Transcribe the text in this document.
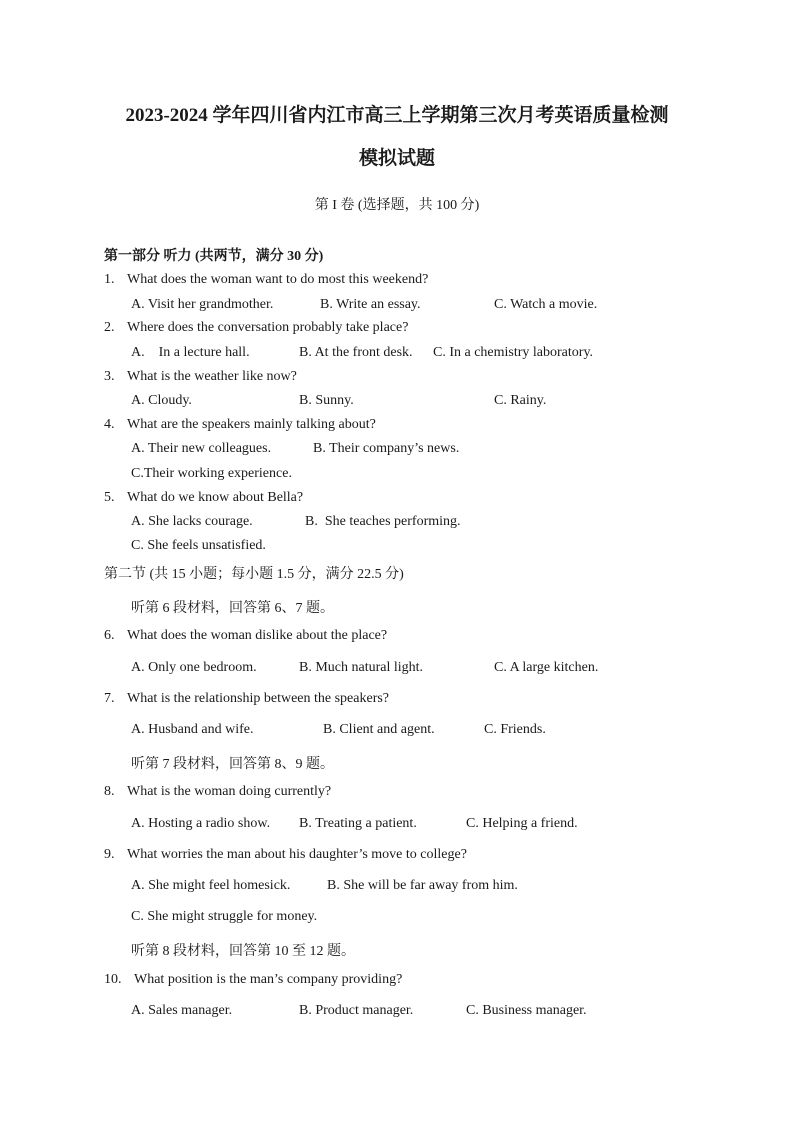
2023-2024 学年四川省内江市高三上学期第三次月考英语质量检测
模拟试题
第 I 卷 (选择题，共 100 分)
第一部分 听力 (共两节，满分 30 分)
1. What does the woman want to do most this weekend?
A. Visit her grandmother.	B. Write an essay.	C. Watch a movie.
2. Where does the conversation probably take place?
A.    In a lecture hall.	B. At the front desk. C. In a chemistry laboratory.
3. What is the weather like now?
A. Cloudy.	B. Sunny.	C. Rainy.
4. What are the speakers mainly talking about?
A. Their new colleagues.	B. Their company’s news.
C.Their working experience.
5. What do we know about Bella?
A. She lacks courage.	B.  She teaches performing.
C. She feels unsatisfied.
第二节 (共 15 小题；每小题 1.5 分，满分 22.5 分)
听第 6 段材料，回答第 6、7 题。
6. What does the woman dislike about the place?
A. Only one bedroom.	B. Much natural light.	C. A large kitchen.
7. What is the relationship between the speakers?
A. Husband and wife.	B. Client and agent.	C. Friends.
听第 7 段材料，回答第 8、9 题。
8. What is the woman doing currently?
A. Hosting a radio show. B. Treating a patient.	C. Helping a friend.
9. What worries the man about his daughter’s move to college?
A. She might feel homesick.	B. She will be far away from him.
C. She might struggle for money.
听第 8 段材料，回答第 10 至 12 题。
10. What position is the man’s company providing?
A. Sales manager.	B. Product manager.	C. Business manager.
